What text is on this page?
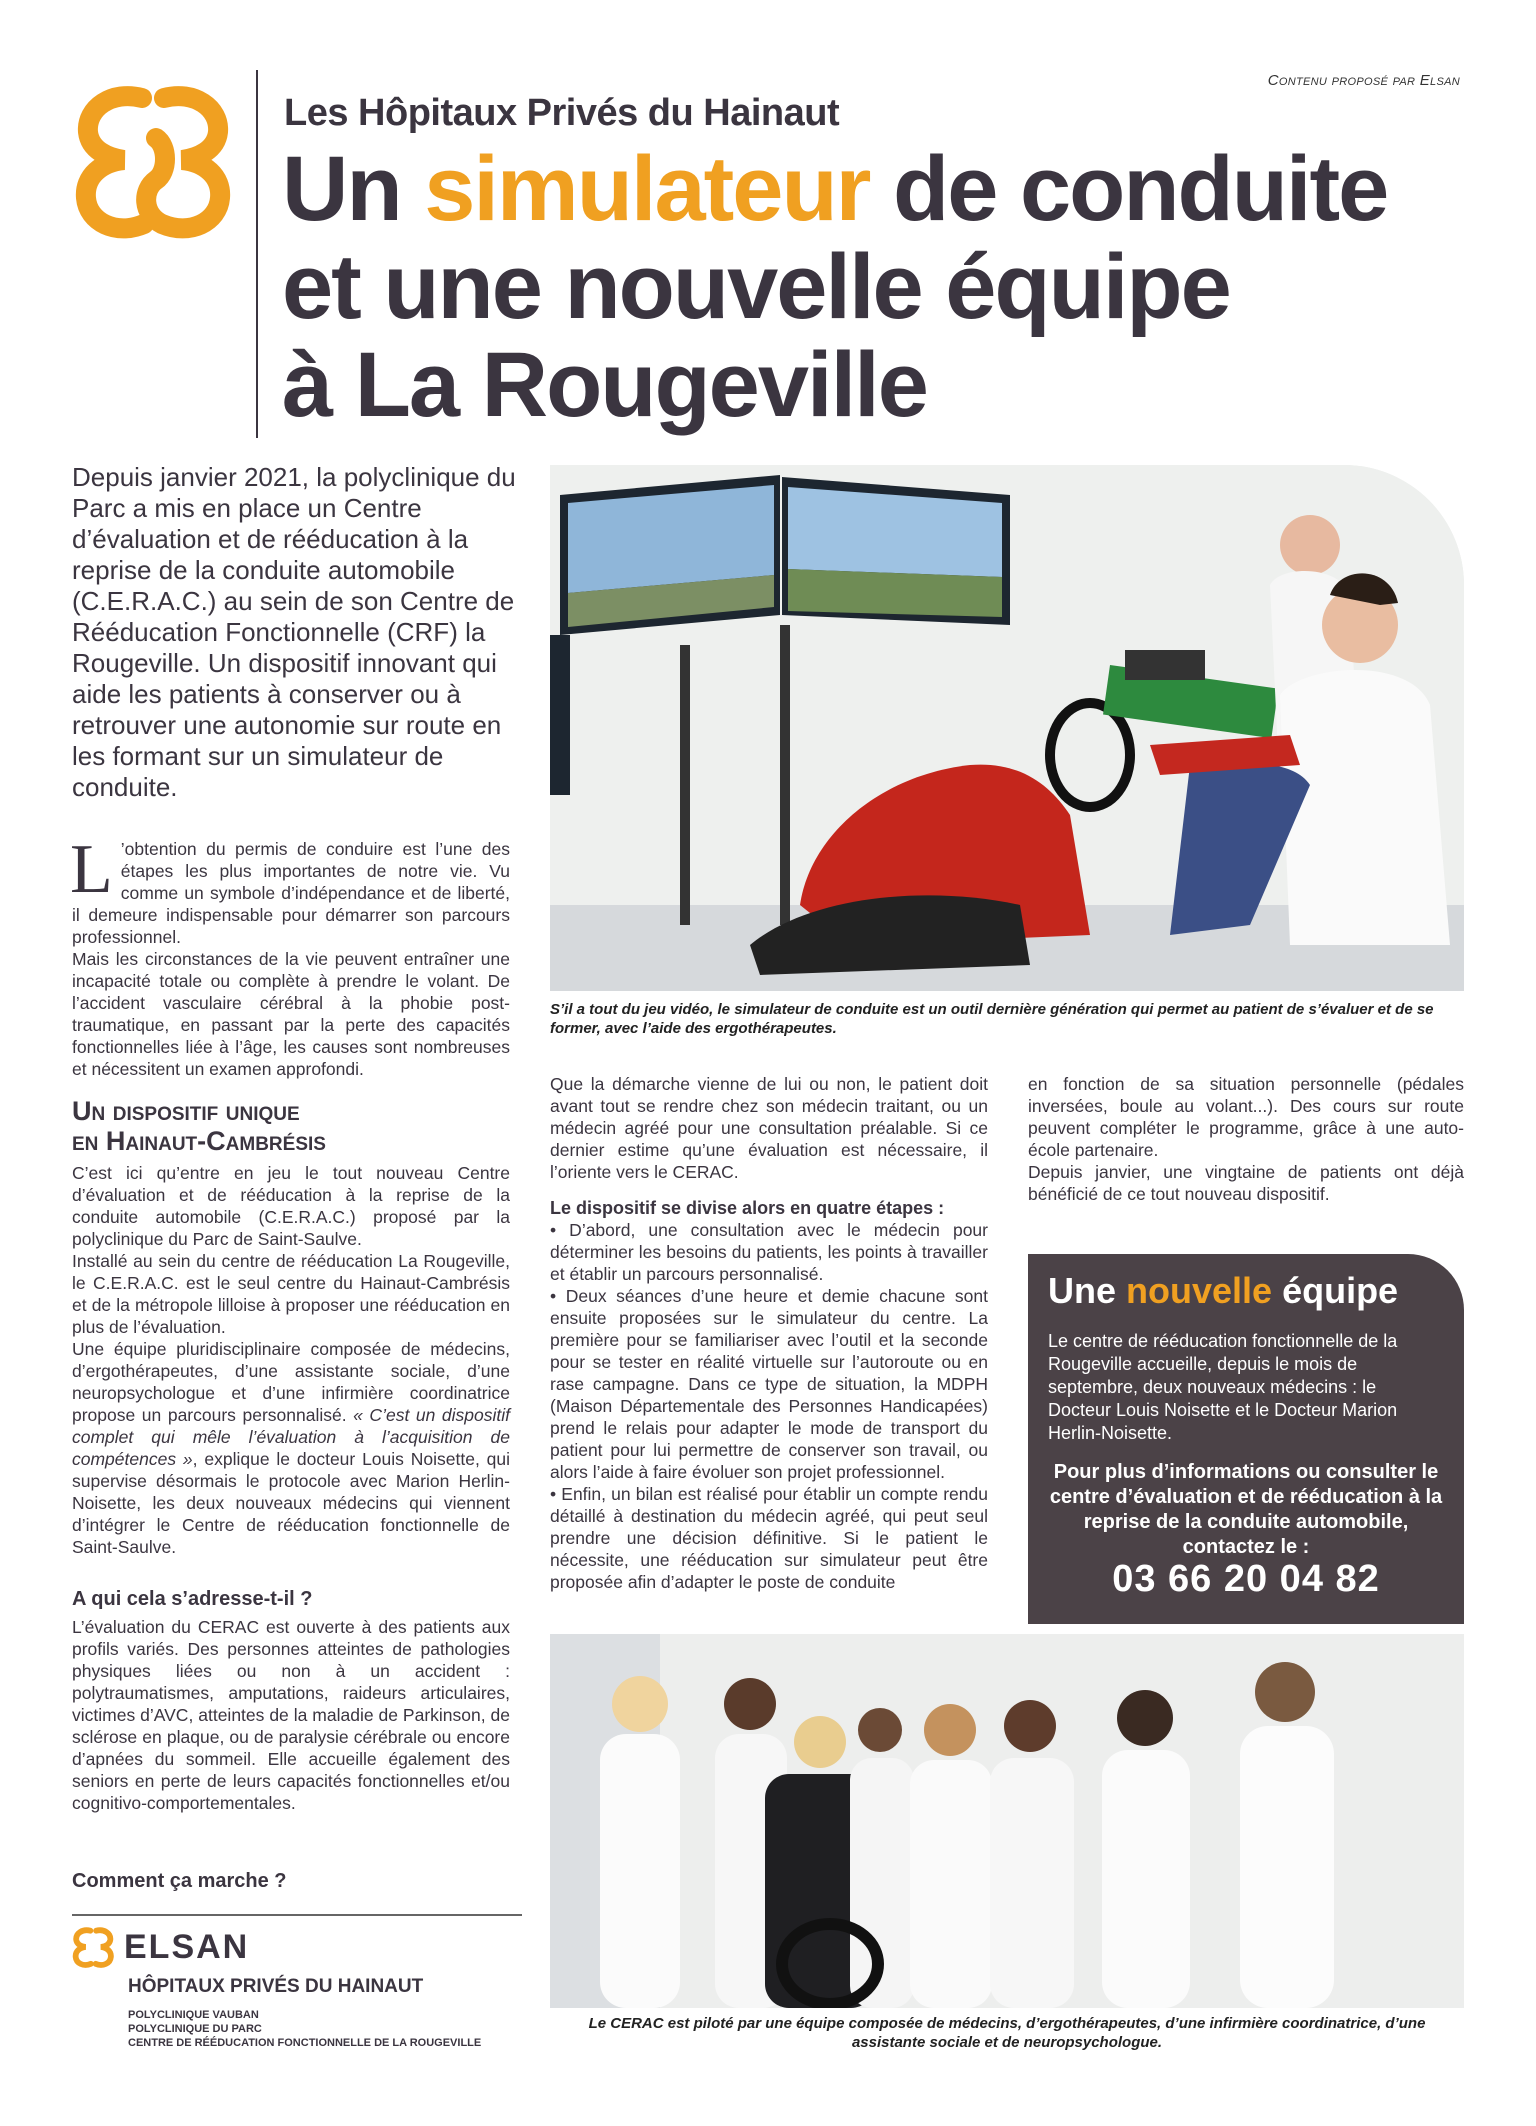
Contenu proposé par Elsan
Les Hôpitaux Privés du Hainaut
Un simulateur de conduite
et une nouvelle équipe
à La Rougeville

Depuis janvier 2021, la polyclinique du Parc a mis en place un Centre d’évaluation et de rééducation à la reprise de la conduite automobile (C.E.R.A.C.) au sein de son Centre de Rééducation Fonctionnelle (CRF) la Rougeville. Un dispositif innovant qui aide les patients à conserver ou à retrouver une autonomie sur route en les formant sur un simulateur de conduite.

L ’obtention du permis de conduire est l’une des étapes les plus importantes de notre vie. Vu comme un symbole d’indépendance et de liberté, il demeure indispensable pour démarrer son parcours professionnel.

Mais les circonstances de la vie peuvent entraîner une incapacité totale ou complète à prendre le volant. De l’accident vasculaire cérébral à la phobie post-traumatique, en passant par la perte des capacités fonctionnelles liée à l’âge, les causes sont nombreuses et nécessitent un examen approfondi.

Un dispositif unique
en Hainaut-Cambrésis

C’est ici qu’entre en jeu le tout nouveau Centre d’évaluation et de rééducation à la reprise de la conduite automobile (C.E.R.A.C.) proposé par la polyclinique du Parc de Saint-Saulve.

Installé au sein du centre de rééducation La Rougeville, le C.E.R.A.C. est le seul centre du Hainaut-Cambrésis et de la métropole lilloise à proposer une rééducation en plus de l’évaluation.

Une équipe pluridisciplinaire composée de médecins, d’ergothérapeutes, d’une assistante sociale, d’une neuropsychologue et d’une infirmière coordinatrice propose un parcours personnalisé. « C’est un dispositif complet qui mêle l’évaluation à l’acquisition de compétences », explique le docteur Louis Noisette, qui supervise désormais le protocole avec Marion Herlin-Noisette, les deux nouveaux médecins qui viennent d’intégrer le Centre de rééducation fonctionnelle de Saint-Saulve.

A qui cela s’adresse-t-il ?

L’évaluation du CERAC est ouverte à des patients aux profils variés. Des personnes atteintes de pathologies physiques liées ou non à un accident : polytraumatismes, amputations, raideurs articulaires, victimes d’AVC, atteintes de la maladie de Parkinson, de sclérose en plaque, ou de paralysie cérébrale ou encore d’apnées du sommeil. Elle accueille également des seniors en perte de leurs capacités fonctionnelles et/ou cognitivo-comportementales.

Comment ça marche ?
ELSAN
HÔPITAUX PRIVÉS DU HAINAUT
POLYCLINIQUE VAUBAN
POLYCLINIQUE DU PARC
CENTRE DE RÉÉDUCATION FONCTIONNELLE DE LA ROUGEVILLE

S’il a tout du jeu vidéo, le simulateur de conduite est un outil dernière génération qui permet au patient de s’évaluer et de se former, avec l’aide des ergothérapeutes.

Que la démarche vienne de lui ou non, le patient doit avant tout se rendre chez son médecin traitant, ou un médecin agréé pour une consultation préalable. Si ce dernier estime qu’une évaluation est nécessaire, il l’oriente vers le CERAC.

Le dispositif se divise alors en quatre étapes :

• D’abord, une consultation avec le médecin pour déterminer les besoins du patients, les points à travailler et établir un parcours personnalisé.

• Deux séances d’une heure et demie chacune sont ensuite proposées sur le simulateur du centre. La première pour se familiariser avec l’outil et la seconde pour se tester en réalité virtuelle sur l’autoroute ou en rase campagne. Dans ce type de situation, la MDPH (Maison Départementale des Personnes Handicapées) prend le relais pour adapter le mode de transport du patient pour lui permettre de conserver son travail, ou alors l’aide à faire évoluer son projet professionnel.

• Enfin, un bilan est réalisé pour établir un compte rendu détaillé à destination du médecin agréé, qui peut seul prendre une décision définitive. Si le patient le nécessite, une rééducation sur simulateur peut être proposée afin d’adapter le poste de conduite

en fonction de sa situation personnelle (pédales inversées, boule au volant...). Des cours sur route peuvent compléter le programme, grâce à une auto-école partenaire.

Depuis janvier, une vingtaine de patients ont déjà bénéficié de ce tout nouveau dispositif.

Une nouvelle équipe

Le centre de rééducation fonctionnelle de la Rougeville accueille, depuis le mois de septembre, deux nouveaux médecins : le Docteur Louis Noisette et le Docteur Marion Herlin-Noisette.

Pour plus d’informations ou consulter le centre d’évaluation et de rééducation à la reprise de la conduite automobile, contactez le :

03 66 20 04 82

Le CERAC est piloté par une équipe composée de médecins, d’ergothérapeutes, d’une infirmière coordinatrice, d’une assistante sociale et de neuropsychologue.
